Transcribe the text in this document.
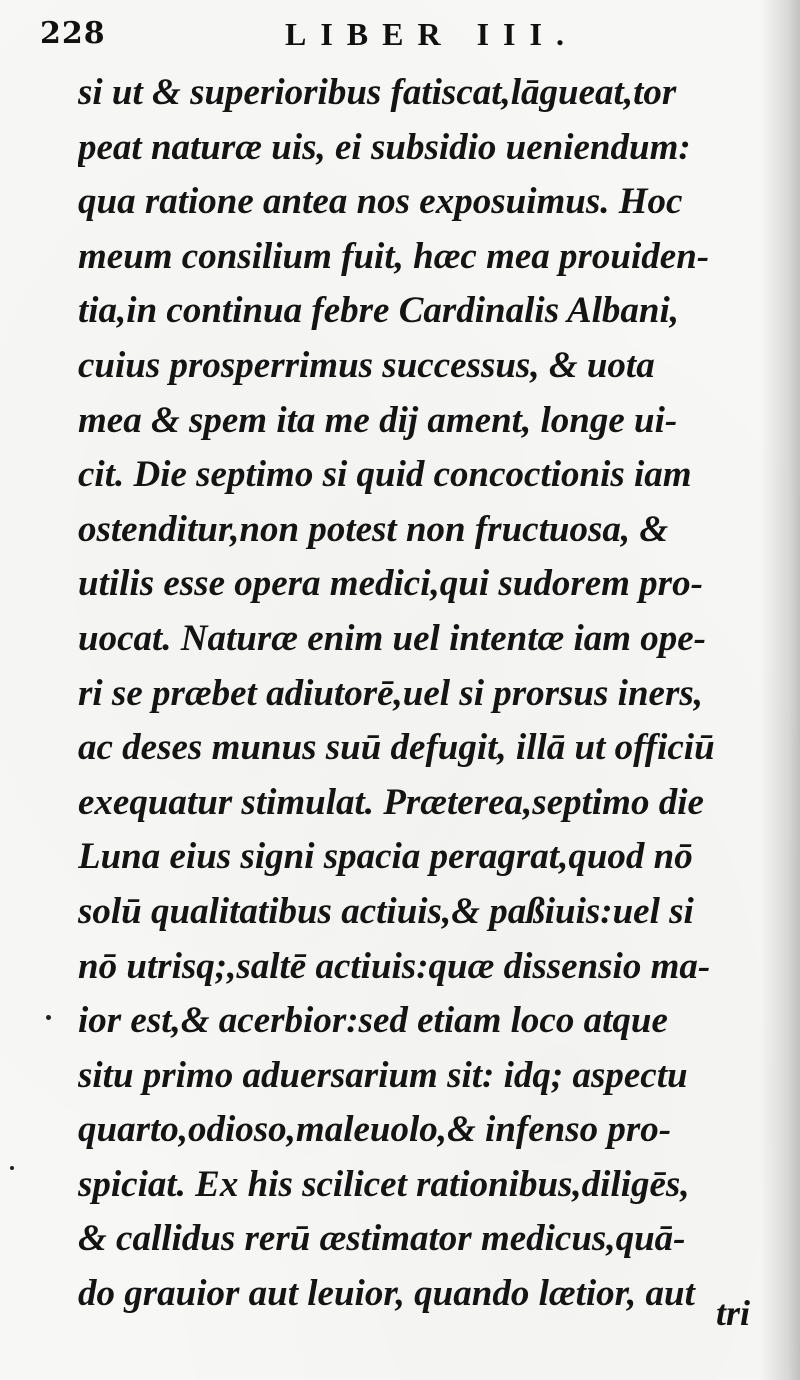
228	LIBER III.
si ut & superioribus fatiscat,lāgueat,tor
peat naturæ uis, ei subsidio ueniendum:
qua ratione antea nos exposuimus. Hoc
meum consilium fuit, hæc mea prouiden-
tia,in continua febre Cardinalis Albani,
cuius prosperrimus successus, & uota
mea & spem ita me dij ament, longe ui-
cit. Die septimo si quid concoctionis iam
ostenditur,non potest non fructuosa, &
utilis esse opera medici,qui sudorem pro-
uocat. Naturæ enim uel intentæ iam ope-
ri se præbet adiutorē,uel si prorsus iners,
ac deses munus suū defugit, illā ut officiū
exequatur stimulat. Præterea,septimo die
Luna eius signi spacia peragrat,quod nō
solū qualitatibus actiuis,& paßiuis:uel si
nō utrisq;,saltē actiuis:quæ dissensio ma-
ior est,& acerbior:sed etiam loco atque
situ primo aduersarium sit: idq; aspectu
quarto,odioso,maleuolo,& infenso pro-
spiciat. Ex his scilicet rationibus,diligēs,
& callidus rerū æstimator medicus,quā-
do grauior aut leuior, quando lætior, aut tri
